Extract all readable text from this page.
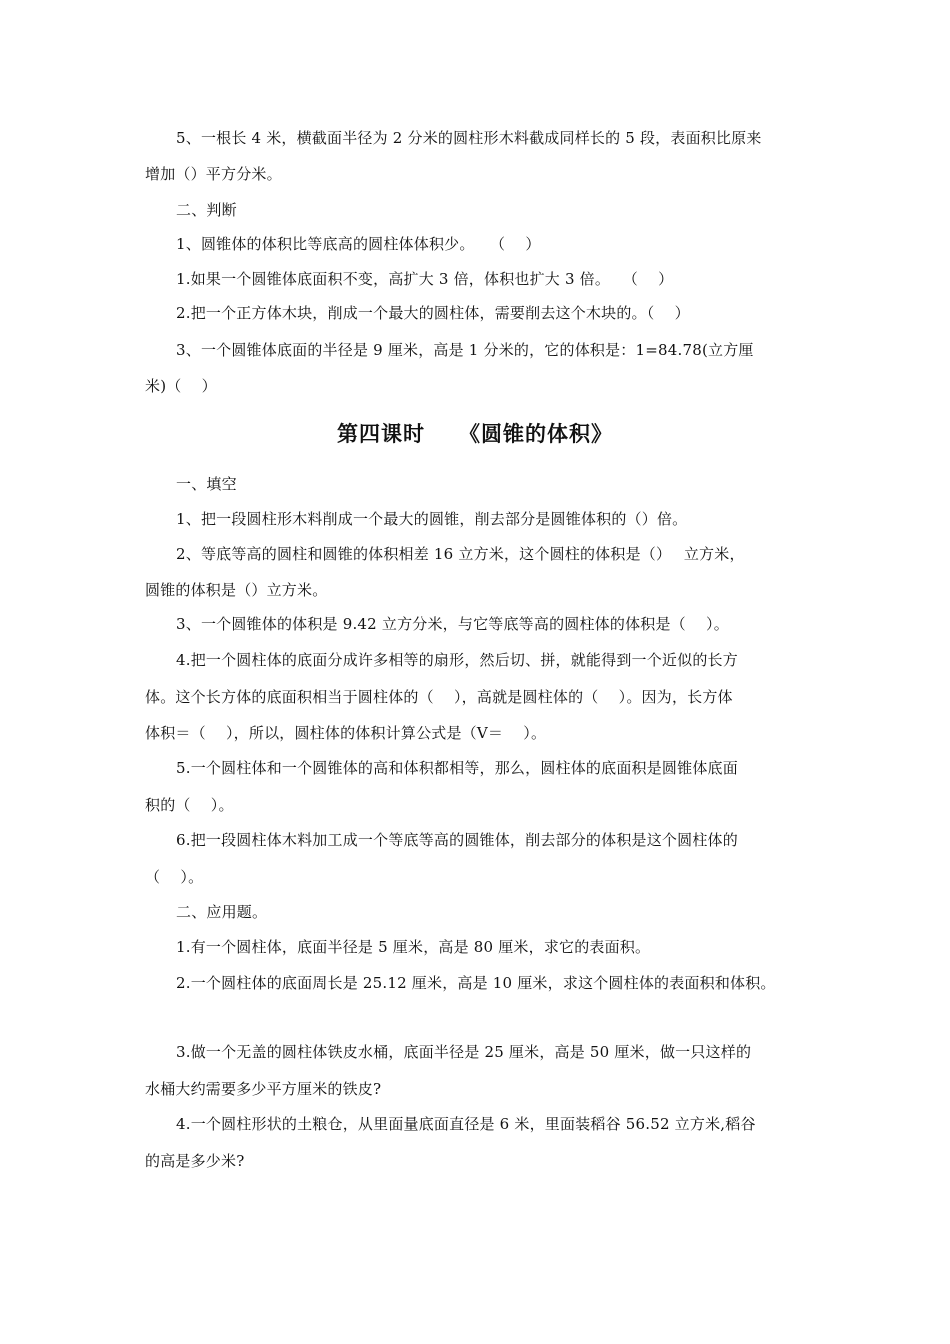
5、一根长 4 米，横截面半径为 2 分米的圆柱形木料截成同样长的 5 段，表面积比原来
增加（）平方分米。
二、判断
1、圆锥体的体积比等底高的圆柱体体积少。　　（　 ）
1.如果一个圆锥体底面积不变，高扩大 3 倍，体积也扩大 3 倍。　 （　 ）
2.把一个正方体木块，削成一个最大的圆柱体，需要削去这个木块的。（　 ）
3、一个圆锥体底面的半径是 9 厘米，高是 1 分米的，它的体积是：1=84.78(立方厘
米)（　 ）
第四课时 《圆锥的体积》
一、填空
1、把一段圆柱形木料削成一个最大的圆锥，削去部分是圆锥体积的（）倍。
2、等底等高的圆柱和圆锥的体积相差 16 立方米，这个圆柱的体积是（）　 立方米，
圆锥的体积是（）立方米。
3、一个圆锥体的体积是 9.42 立方分米，与它等底等高的圆柱体的体积是（　 ）。
4.把一个圆柱体的底面分成许多相等的扇形，然后切、拼，就能得到一个近似的长方
体。这个长方体的底面积相当于圆柱体的（　 ），高就是圆柱体的（　 ）。因为，长方体
体积＝（　 ），所以，圆柱体的体积计算公式是（V＝　 ）。
5.一个圆柱体和一个圆锥体的高和体积都相等，那么，圆柱体的底面积是圆锥体底面
积的（　 ）。
6.把一段圆柱体木料加工成一个等底等高的圆锥体，削去部分的体积是这个圆柱体的
（　 ）。
二、应用题。
1.有一个圆柱体，底面半径是 5 厘米，高是 80 厘米，求它的表面积。
2.一个圆柱体的底面周长是 25.12 厘米，高是 10 厘米，求这个圆柱体的表面积和体积。
3.做一个无盖的圆柱体铁皮水桶，底面半径是 25 厘米，高是 50 厘米，做一只这样的
水桶大约需要多少平方厘米的铁皮?
4.一个圆柱形状的土粮仓，从里面量底面直径是 6 米，里面装稻谷 56.52 立方米,稻谷
的高是多少米?
